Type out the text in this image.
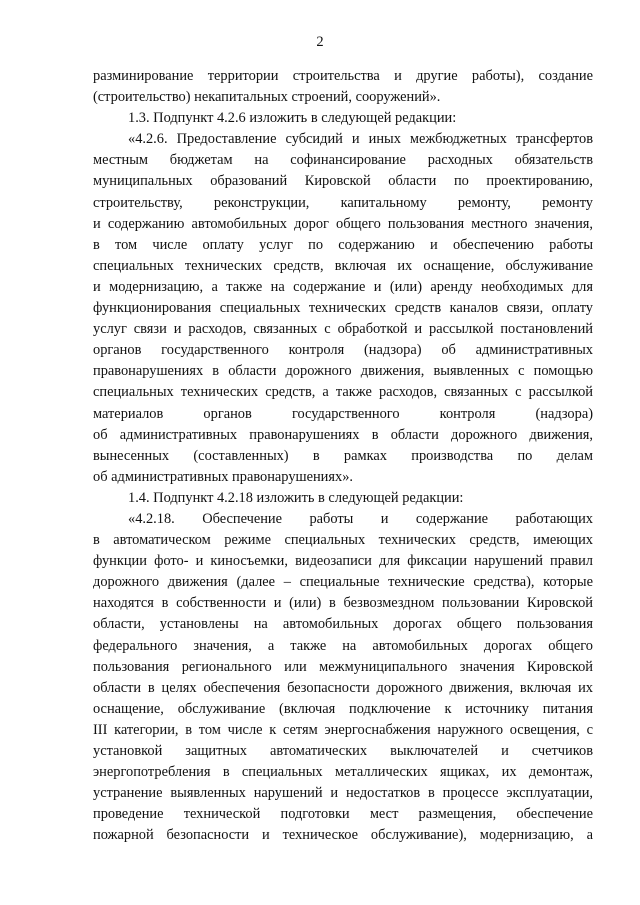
2
разминирование территории строительства и другие работы), создание
(строительство) некапитальных строений, сооружений».
1.3. Подпункт 4.2.6 изложить в следующей редакции:
«4.2.6. Предоставление субсидий и иных межбюджетных трансфертов
местным бюджетам на софинансирование расходных обязательств
муниципальных образований Кировской области по проектированию,
строительству, реконструкции, капитальному ремонту, ремонту
и содержанию автомобильных дорог общего пользования местного значения,
в том числе оплату услуг по содержанию и обеспечению работы
специальных технических средств, включая их оснащение, обслуживание
и модернизацию, а также на содержание и (или) аренду необходимых для
функционирования специальных технических средств каналов связи, оплату
услуг связи и расходов, связанных с обработкой и рассылкой постановлений
органов государственного контроля (надзора) об административных
правонарушениях в области дорожного движения, выявленных с помощью
специальных технических средств, а также расходов, связанных с рассылкой
материалов органов государственного контроля (надзора)
об административных правонарушениях в области дорожного движения,
вынесенных (составленных) в рамках производства по делам
об административных правонарушениях».
1.4. Подпункт 4.2.18 изложить в следующей редакции:
«4.2.18. Обеспечение работы и содержание работающих
в автоматическом режиме специальных технических средств, имеющих
функции фото- и киносъемки, видеозаписи для фиксации нарушений правил
дорожного движения (далее – специальные технические средства), которые
находятся в собственности и (или) в безвозмездном пользовании Кировской
области, установлены на автомобильных дорогах общего пользования
федерального значения, а также на автомобильных дорогах общего
пользования регионального или межмуниципального значения Кировской
области в целях обеспечения безопасности дорожного движения, включая их
оснащение, обслуживание (включая подключение к источнику питания
III категории, в том числе к сетям энергоснабжения наружного освещения, с
установкой защитных автоматических выключателей и счетчиков
энергопотребления в специальных металлических ящиках, их демонтаж,
устранение выявленных нарушений и недостатков в процессе эксплуатации,
проведение технической подготовки мест размещения, обеспечение
пожарной безопасности и техническое обслуживание), модернизацию, а
